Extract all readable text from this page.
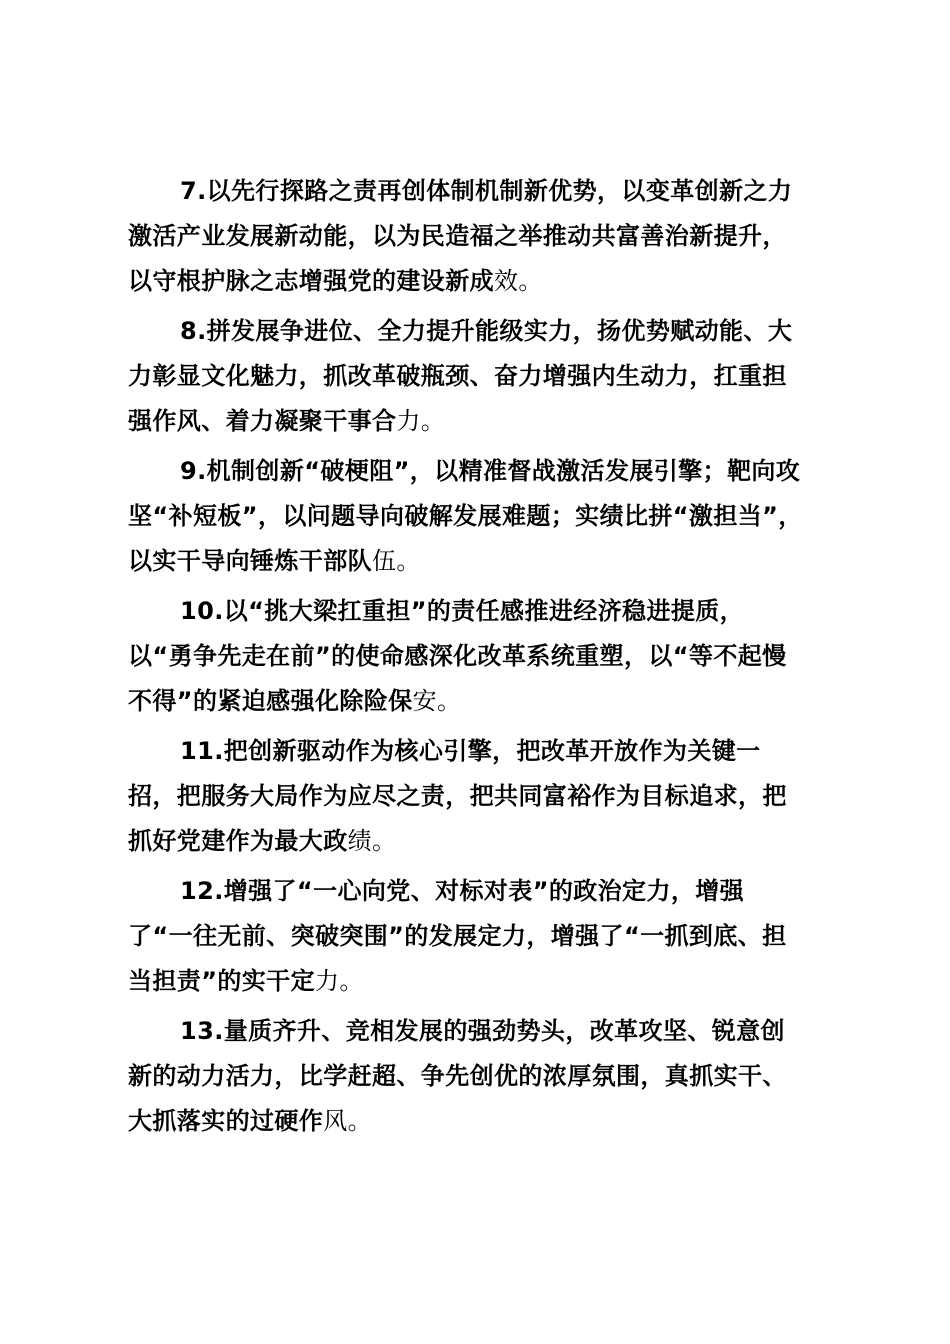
7.以先行探路之责再创体制机制新优势，以变革创新之力
激活产业发展新动能，以为民造福之举推动共富善治新提升，
以守根护脉之志增强党的建设新成效。

8.拼发展争进位、全力提升能级实力，扬优势赋动能、大
力彰显文化魅力，抓改革破瓶颈、奋力增强内生动力，扛重担
强作风、着力凝聚干事合力。

9.机制创新“破梗阻”，以精准督战激活发展引擎；靶向攻
坚“补短板”，以问题导向破解发展难题；实绩比拼“激担当”，
以实干导向锤炼干部队伍。

10.以“挑大梁扛重担”的责任感推进经济稳进提质，
以“勇争先走在前”的使命感深化改革系统重塑，以“等不起慢
不得”的紧迫感强化除险保安。

11.把创新驱动作为核心引擎，把改革开放作为关键一
招，把服务大局作为应尽之责，把共同富裕作为目标追求，把
抓好党建作为最大政绩。

12.增强了“一心向党、对标对表”的政治定力，增强
了“一往无前、突破突围”的发展定力，增强了“一抓到底、担
当担责”的实干定力。

13.量质齐升、竞相发展的强劲势头，改革攻坚、锐意创
新的动力活力，比学赶超、争先创优的浓厚氛围，真抓实干、
大抓落实的过硬作风。
